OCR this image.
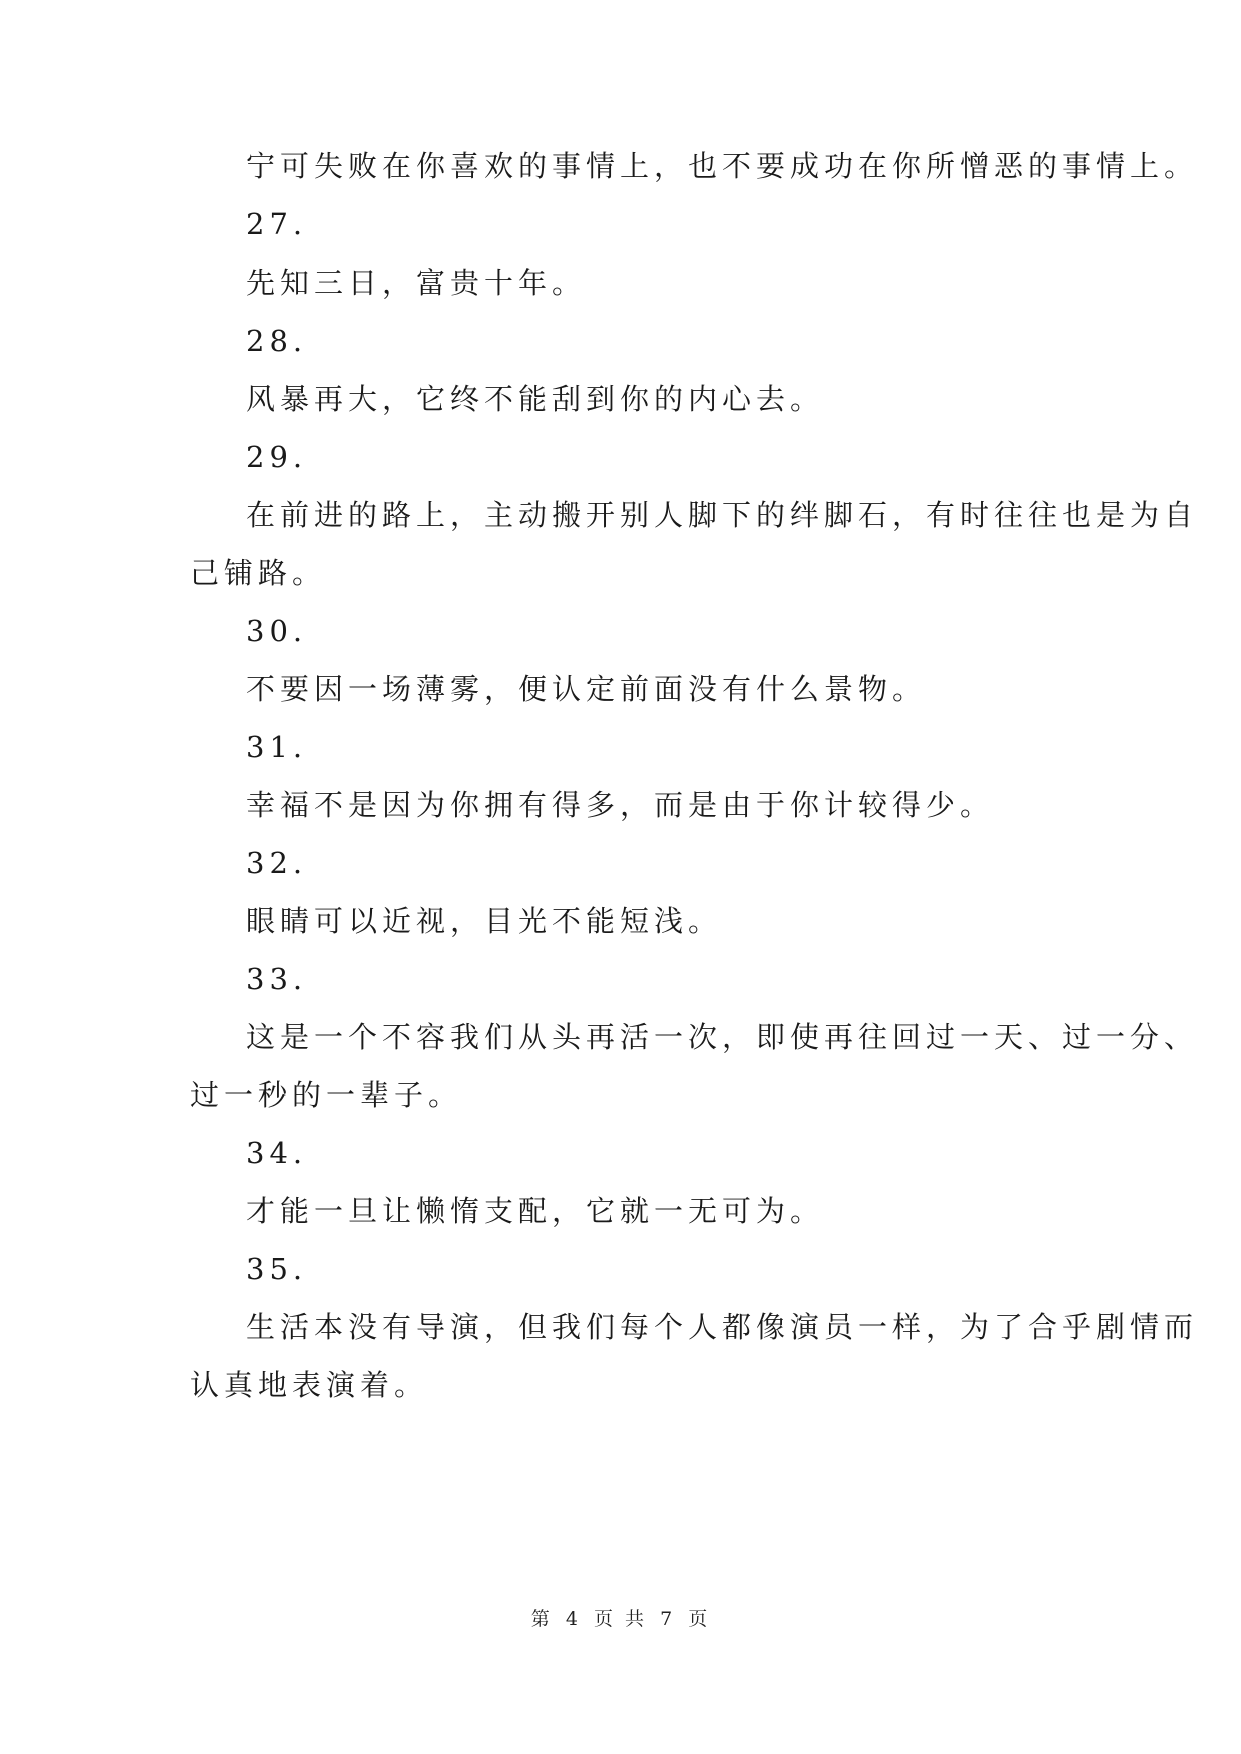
宁可失败在你喜欢的事情上，也不要成功在你所憎恶的事情上。
27.
先知三日，富贵十年。
28.
风暴再大，它终不能刮到你的内心去。
29.
在前进的路上，主动搬开别人脚下的绊脚石，有时往往也是为自
己铺路。
30.
不要因一场薄雾，便认定前面没有什么景物。
31.
幸福不是因为你拥有得多，而是由于你计较得少。
32.
眼睛可以近视，目光不能短浅。
33.
这是一个不容我们从头再活一次，即使再往回过一天、过一分、
过一秒的一辈子。
34.
才能一旦让懒惰支配，它就一无可为。
35.
生活本没有导演，但我们每个人都像演员一样，为了合乎剧情而
认真地表演着。
第 4 页 共 7 页
